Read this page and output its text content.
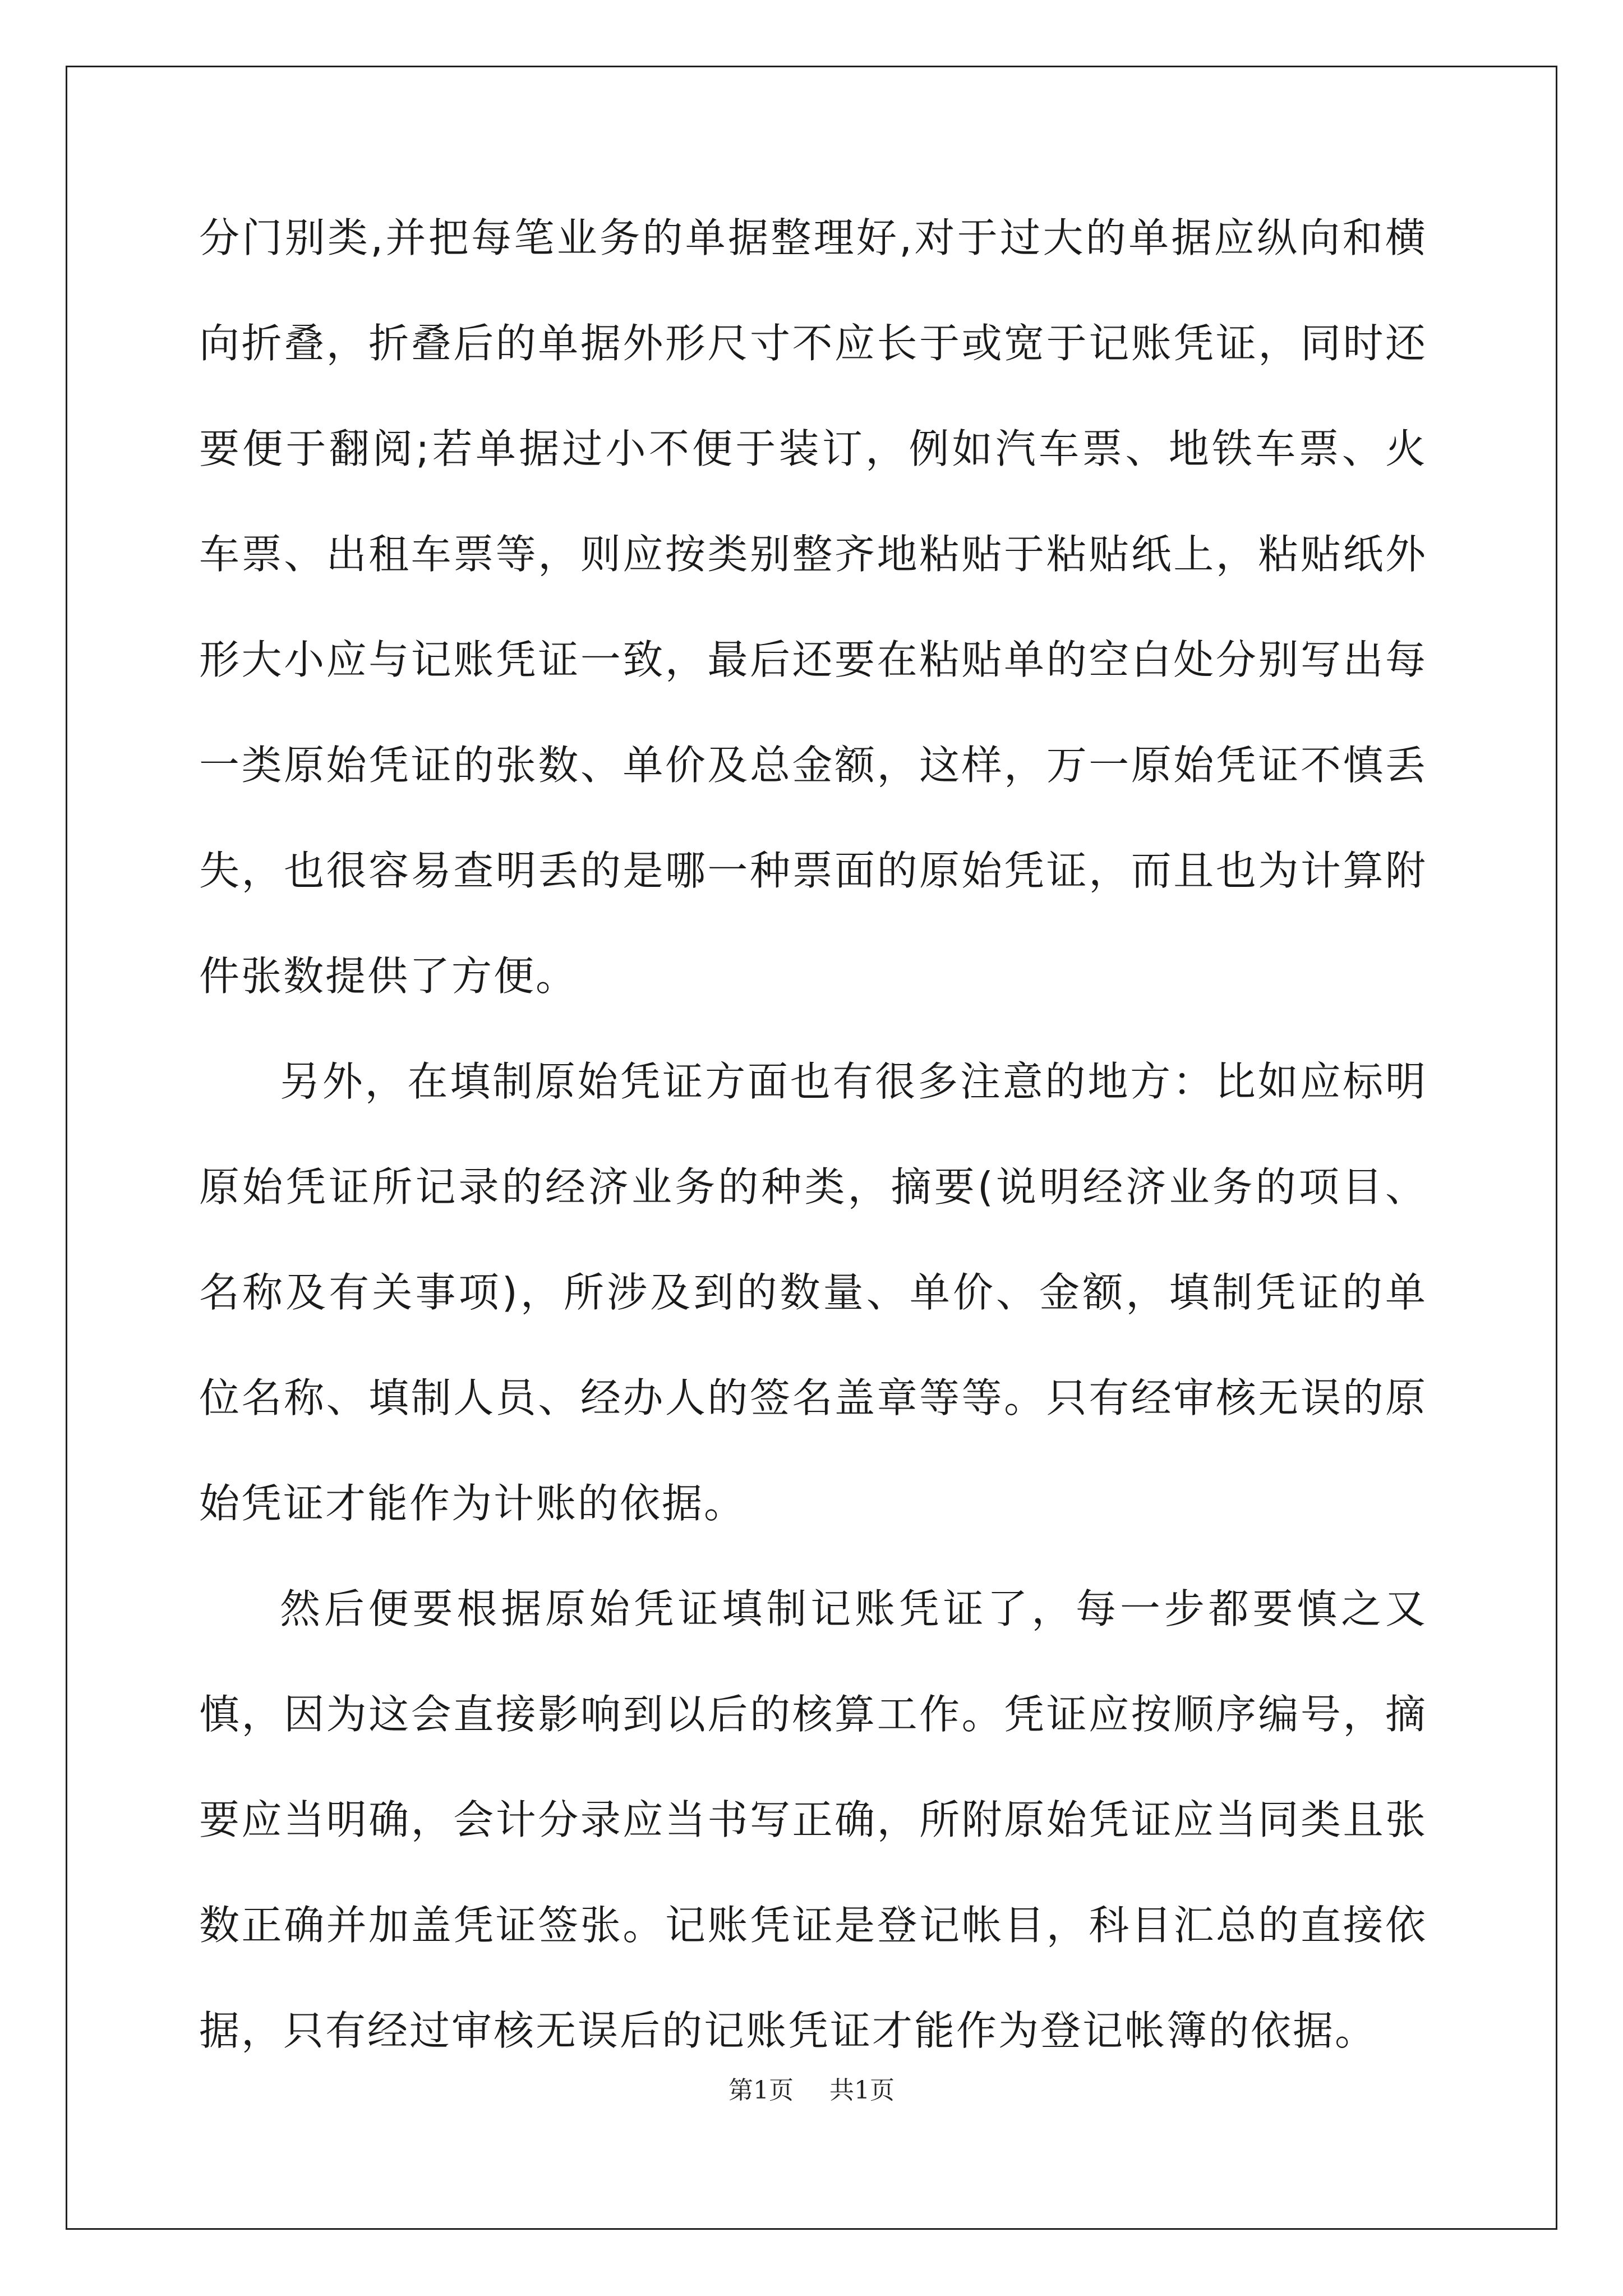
分门别类,并把每笔业务的单据整理好,对于过大的单据应纵向和横向折叠，折叠后的单据外形尺寸不应长于或宽于记账凭证，同时还要便于翻阅;若单据过小不便于装订，例如汽车票、地铁车票、火车票、出租车票等，则应按类别整齐地粘贴于粘贴纸上，粘贴纸外形大小应与记账凭证一致，最后还要在粘贴单的空白处分别写出每一类原始凭证的张数、单价及总金额，这样，万一原始凭证不慎丢失，也很容易查明丢的是哪一种票面的原始凭证，而且也为计算附件张数提供了方便。

另外，在填制原始凭证方面也有很多注意的地方：比如应标明原始凭证所记录的经济业务的种类，摘要(说明经济业务的项目、名称及有关事项)，所涉及到的数量、单价、金额，填制凭证的单位名称、填制人员、经办人的签名盖章等等。只有经审核无误的原始凭证才能作为计账的依据。

然后便要根据原始凭证填制记账凭证了，每一步都要慎之又慎，因为这会直接影响到以后的核算工作。凭证应按顺序编号，摘要应当明确，会计分录应当书写正确，所附原始凭证应当同类且张数正确并加盖凭证签张。记账凭证是登记帐目，科目汇总的直接依据，只有经过审核无误后的记账凭证才能作为登记帐簿的依据。

第1页 共1页
